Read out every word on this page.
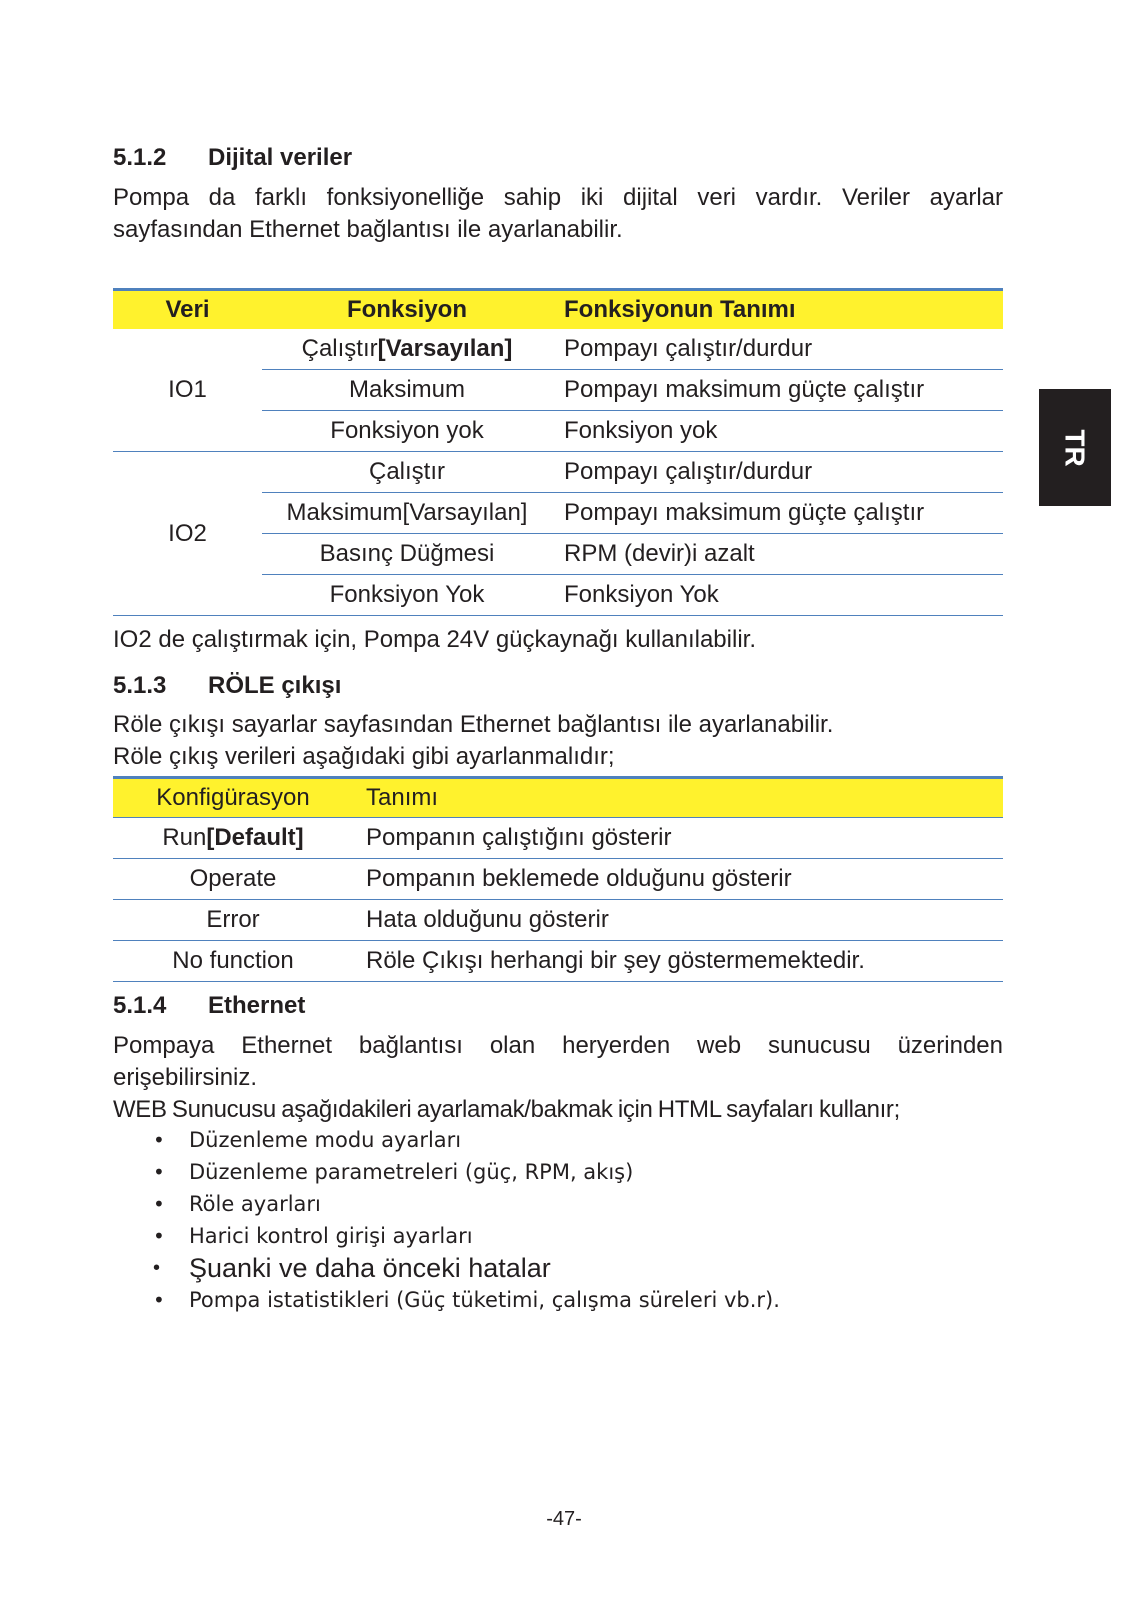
5.1.2 Dijital veriler
Pompa da farklı fonksiyonelliğe sahip iki dijital veri vardır. Veriler ayarlar sayfasından Ethernet bağlantısı ile ayarlanabilir.
Veri	Fonksiyon	Fonksiyonun Tanımı
IO1	Çalıştır[Varsayılan]	Pompayı çalıştır/durdur
	Maksimum	Pompayı maksimum güçte çalıştır
	Fonksiyon yok	Fonksiyon yok
IO2	Çalıştır	Pompayı çalıştır/durdur
	Maksimum[Varsayılan]	Pompayı maksimum güçte çalıştır
	Basınç Düğmesi	RPM (devir)i azalt
	Fonksiyon Yok	Fonksiyon Yok
IO2 de çalıştırmak için, Pompa 24V güçkaynağı kullanılabilir.
5.1.3 RÖLE çıkışı
Röle çıkışı sayarlar sayfasından Ethernet bağlantısı ile ayarlanabilir.
Röle çıkış verileri aşağıdaki gibi ayarlanmalıdır;
Konfigürasyon	Tanımı
Run[Default]	Pompanın çalıştığını gösterir
Operate	Pompanın beklemede olduğunu gösterir
Error	Hata olduğunu gösterir
No function	Röle Çıkışı herhangi bir şey göstermemektedir.
5.1.4 Ethernet
Pompaya Ethernet bağlantısı olan heryerden web sunucusu üzerinden erişebilirsiniz.
WEB Sunucusu aşağıdakileri ayarlamak/bakmak için HTML sayfaları kullanır;
• Düzenleme modu ayarları
• Düzenleme parametreleri (güç, RPM, akış)
• Röle ayarları
• Harici kontrol girişi ayarları
• Şuanki ve daha önceki hatalar
• Pompa istatistikleri (Güç tüketimi, çalışma süreleri vb.r).
TR
-47-
